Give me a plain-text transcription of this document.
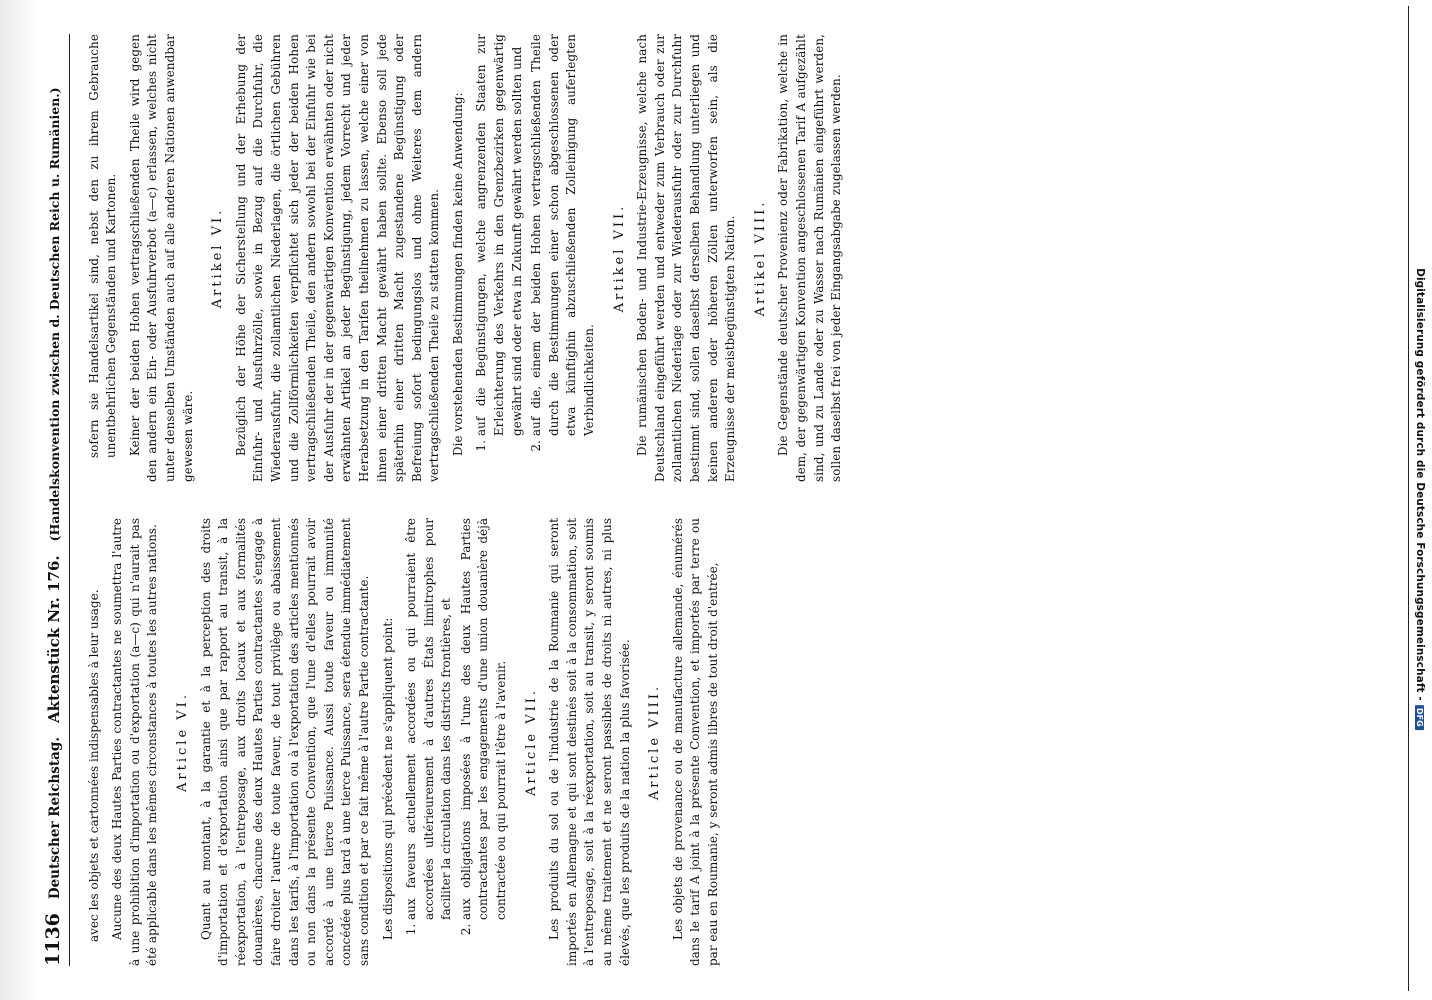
Digitalisierung gefördert durch die Deutsche Forschungsgemeinschaft -DFG
1136
Deutscher Reichstag.
Aktenstück Nr. 176.
(Handelskonvention zwischen d. Deutschen Reich u. Rumänien.)

avec les objets et cartonnées indispensables à leur usage. Aucune des deux Hautes Parties contractantes ne soumettra l'autre à une prohibition d'importation ou d'exportation (a—c) qui n'aurait pas été applicable dans les mêmes circonstances à toutes les autres nations. Article VI. Quant au montant, à la garantie et à la perception des droits d'importation et d'exportation ainsi que par rapport au transit, à la réexportation, à l'entreposage, aux droits locaux et aux formalités douanières, chacune des deux Hautes Parties contractantes s'engage à faire droiter l'autre de toute faveur, de tout privilège ou abaissement dans les tarifs, à l'importation ou à l'exportation des articles mentionnés ou non dans la présente Convention, que l'une d'elles pourrait avoir accordé à une tierce Puissance. Aussi toute faveur ou immunité concédée plus tard à une tierce Puissance, sera étendue immédiatement sans condition et par ce fait même à l'autre Partie contractante. Les dispositions qui précèdent ne s'appliquent point: 1. aux faveurs actuellement accordées ou qui pourraient être accordées ultérieurement à d'autres États limitrophes pour faciliter la circulation dans les districts frontières, et 2. aux obligations imposées à l'une des deux Hautes Parties contractantes par les engagements d'une union douanière déjà contractée ou qui pourrait l'être à l'avenir. Article VII. Les produits du sol ou de l'industrie de la Roumanie qui seront importés en Allemagne et qui sont destinés soit à la consommation, soit à l'entreposage, soit à la réexportation, soit au transit, y seront soumis au même traitement et ne seront passibles de droits ni autres, ni plus élevés, que les produits de la nation la plus favorisée. Article VIII. Les objets de provenance ou de manufacture allemande, énumérés dans le tarif A joint à la présente Convention, et importés par terre ou par eau en Roumanie, y seront admis libres de tout droit d'entrée,

sofern sie Handelsartikel sind, nebst den zu ihrem Gebrauche unentbehrlichen Gegenständen und Kartonen. Keiner der beiden Hohen vertragschließenden Theile wird gegen den andern ein Ein- oder Ausfuhrverbot (a—c) erlassen, welches nicht unter denselben Umständen auch auf alle anderen Nationen anwendbar gewesen wäre.

Artikel VI. Bezüglich der Höhe der Sicherstellung und der Erhebung der Einfuhr- und Ausfuhrzölle, sowie in Bezug auf die Durchfuhr, die Wiederausfuhr, die zollamtlichen Niederlagen, die örtlichen Gebühren und die Zollförmlichkeiten verpflichtet sich jeder der beiden Hohen vertragschließenden Theile, den andern sowohl bei der Einfuhr wie bei der Ausfuhr der in der gegenwärtigen Konvention erwähnten oder nicht erwähnten Artikel an jeder Begünstigung, jedem Vorrecht und jeder Herabsetzung in den Tarifen theilnehmen zu lassen, welche einer von ihnen einer dritten Macht gewährt haben sollte. Ebenso soll jede späterhin einer dritten Macht zugestandene Begünstigung oder Befreiung sofort bedingungslos und ohne Weiteres dem andern vertragschließenden Theile zu statten kommen. Die vorstehenden Bestimmungen finden keine Anwendung: 1. auf die Begünstigungen, welche angrenzenden Staaten zur Erleichterung des Verkehrs in den Grenzbezirken gegenwärtig gewährt sind oder etwa in Zukunft gewährt werden sollten und 2. auf die, einem der beiden Hohen vertragschließenden Theile durch die Bestimmungen einer schon abgeschlossenen oder etwa künftighin abzuschließenden Zolleinigung auferlegten Verbindlichkeiten.
Artikel VII. Die rumänischen Boden- und Industrie-Erzeugnisse, welche nach Deutschland eingeführt werden und entweder zum Verbrauch oder zur zollamtlichen Niederlage oder zur Wiederausfuhr oder zur Durchfuhr bestimmt sind, sollen daselbst derselben Behandlung unterliegen und keinen anderen oder höheren Zöllen unterworfen sein, als die Erzeugnisse der meistbegünstigten Nation. Artikel VIII. Die Gegenstände deutscher Provenienz oder Fabrikation, welche in dem, der gegenwärtigen Konvention angeschlossenen Tarif A aufgezählt sind, und zu Lande oder zu Wasser nach Rumänien eingeführt werden, sollen daselbst frei von jeder Eingangsabgabe zugelassen werden.
